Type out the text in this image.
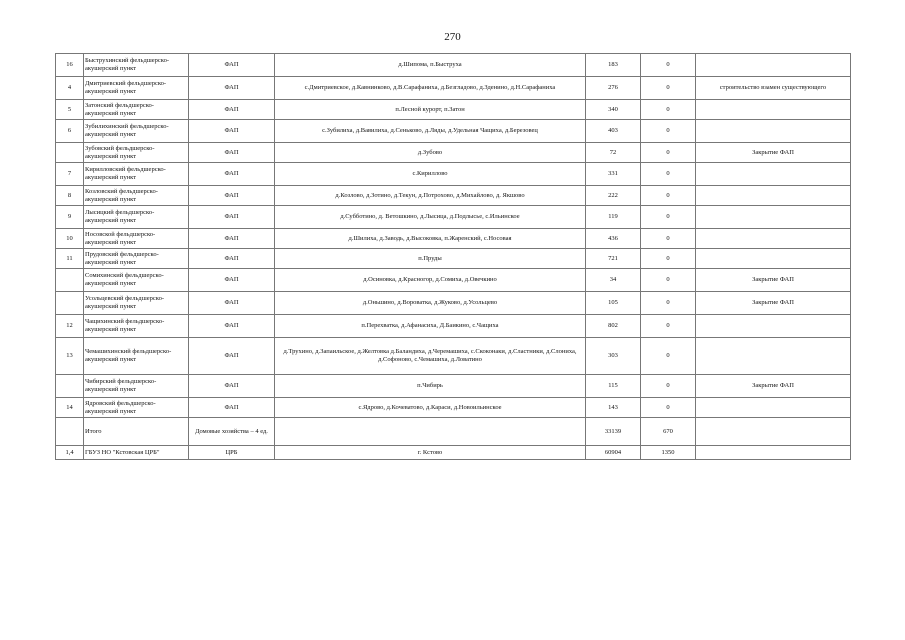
270
16	Быструхинский фельдшерско-акушерский пункт	ФАП	д.Шипома, п.Быструха	183	0	
4	Дмитриевский фельдшерско-акушерский пункт	ФАП	с.Дмитриевское, д.Кавнинково, д.В.Сарафаниха, д.Безгладово, д.Зденино, д.Н.Сарафаниха	276	0	строительство взамен существующего
5	Затонский фельдшерско-акушерский пункт	ФАП	п.Лесной курорт, п.Затон	340	0	
6	Зубилихинский фельдшерско-акушерский пункт	ФАП	с.Зубилиха, д.Вавилиха, д.Сеньково, д.Ляды, д.Удельная Чащиха, д.Березовец	403	0	
	Зубовский фельдшерско-акушерский пункт	ФАП	д.Зубово	72	0	Закрытие ФАП
7	Кирилловский фельдшерско-акушерский пункт	ФАП	с.Кириллово	331	0	
8	Козловский фельдшерско-акушерский пункт	ФАП	д.Козлово, д.Зотино, д.Текун, д.Потрохово, д.Михайлово, д. Якшово	222	0	
9	Лысицкий фельдшерско-акушерский пункт	ФАП	д.Субботино, д. Ветошкино, д.Лысица, д.Подлысье, с.Ильинское	119	0	
10	Носовской фельдшерско-акушерский пункт	ФАП	д.Шилиха, д.Заводь, д.Высоковка, п.Жаренский, с.Носовая	436	0	
11	Прудовский фельдшерско-акушерский пункт	ФАП	п.Пруды	721	0	
	Сомихинский фельдшерско-акушерский пункт	ФАП	д.Осиновка, д.Красногор, д.Сомиха, д.Овечкино	34	0	Закрытие ФАП
	Усольцевский фельдшерско-акушерский пункт	ФАП	д.Оньшино, д.Вороватка, д.Жуково, д.Усольцево	105	0	Закрытие ФАП
12	Чащихинский фельдшерско-акушерский пункт	ФАП	п.Перехватка, д.Афанасиха, Д.Баикино, с.Чащиха	802	0	
13	Чемашихинский фельдшерско-акушерский пункт	ФАП	д.Трухино, д.Запаильское, д.Желтовка д.Баландиха, д.Черемашиха, с.Скоконаки, д.Сластники, д.Слониха, д.Софоново, с.Чемашиха, д.Ловатино	303	0	
	Чибирский фельдшерско-акушерский пункт	ФАП	п.Чибирь	115	0	Закрытие ФАП
14	Ядровский фельдшерско-акушерский пункт	ФАП	с.Ядрово, д.Кочеватово, д.Караси, д.Новоильинское	143	0	
	Итого	Домовые хозяйства – 4 ед.		33139	670	
1,4	ГБУЗ НО "Кстовская ЦРБ"	ЦРБ	г. Кстово	60904	1350	
